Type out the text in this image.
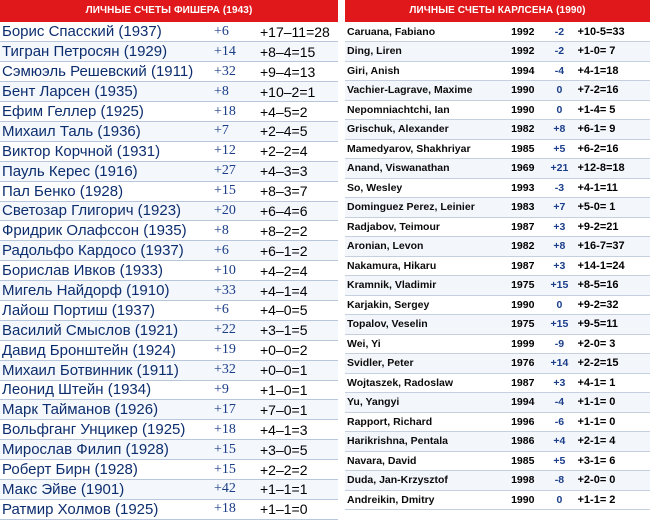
ЛИЧНЫЕ СЧЕТЫ ФИШЕРА (1943)
Борис Спасский (1937)	+6	+17–11=28
Тигран Петросян (1929)	+14	+8–4=15
Сэмюэль Решевский (1911)	+32	+9–4=13
Бент Ларсен (1935)	+8	+10–2=1
Ефим Геллер (1925)	+18	+4–5=2
Михаил Таль (1936)	+7	+2–4=5
Виктор Корчной (1931)	+12	+2–2=4
Пауль Керес (1916)	+27	+4–3=3
Пал Бенко (1928)	+15	+8–3=7
Светозар Глигорич (1923)	+20	+6–4=6
Фридрик Олафссон (1935)	+8	+8–2=2
Радольфо Кардосо (1937)	+6	+6–1=2
Борислав Ивков (1933)	+10	+4–2=4
Мигель Найдорф (1910)	+33	+4–1=4
Лайош Портиш (1937)	+6	+4–0=5
Василий Смыслов (1921)	+22	+3–1=5
Давид Бронштейн (1924)	+19	+0–0=2
Михаил Ботвинник (1911)	+32	+0–0=1
Леонид Штейн (1934)	+9	+1–0=1
Марк Тайманов (1926)	+17	+7–0=1
Вольфганг Унцикер (1925)	+18	+4–1=3
Мирослав Филип (1928)	+15	+3–0=5
Роберт Бирн (1928)	+15	+2–2=2
Макс Эйве (1901)	+42	+1–1=1
Ратмир Холмов (1925)	+18	+1–1=0
ЛИЧНЫЕ СЧЕТЫ КАРЛСЕНА (1990)
Caruana, Fabiano	1992	-2	+10-5=33
Ding, Liren	1992	-2	+1-0= 7
Giri, Anish	1994	-4	+4-1=18
Vachier-Lagrave, Maxime	1990	0	+7-2=16
Nepomniachtchi, Ian	1990	0	+1-4= 5
Grischuk, Alexander	1982	+8	+6-1= 9
Mamedyarov, Shakhriyar	1985	+5	+6-2=16
Anand, Viswanathan	1969	+21	+12-8=18
So, Wesley	1993	-3	+4-1=11
Dominguez Perez, Leinier	1983	+7	+5-0= 1
Radjabov, Teimour	1987	+3	+9-2=21
Aronian, Levon	1982	+8	+16-7=37
Nakamura, Hikaru	1987	+3	+14-1=24
Kramnik, Vladimir	1975	+15	+8-5=16
Karjakin, Sergey	1990	0	+9-2=32
Topalov, Veselin	1975	+15	+9-5=11
Wei, Yi	1999	-9	+2-0= 3
Svidler, Peter	1976	+14	+2-2=15
Wojtaszek, Radoslaw	1987	+3	+4-1= 1
Yu, Yangyi	1994	-4	+1-1= 0
Rapport, Richard	1996	-6	+1-1= 0
Harikrishna, Pentala	1986	+4	+2-1= 4
Navara, David	1985	+5	+3-1= 6
Duda, Jan-Krzysztof	1998	-8	+2-0= 0
Andreikin, Dmitry	1990	0	+1-1= 2
